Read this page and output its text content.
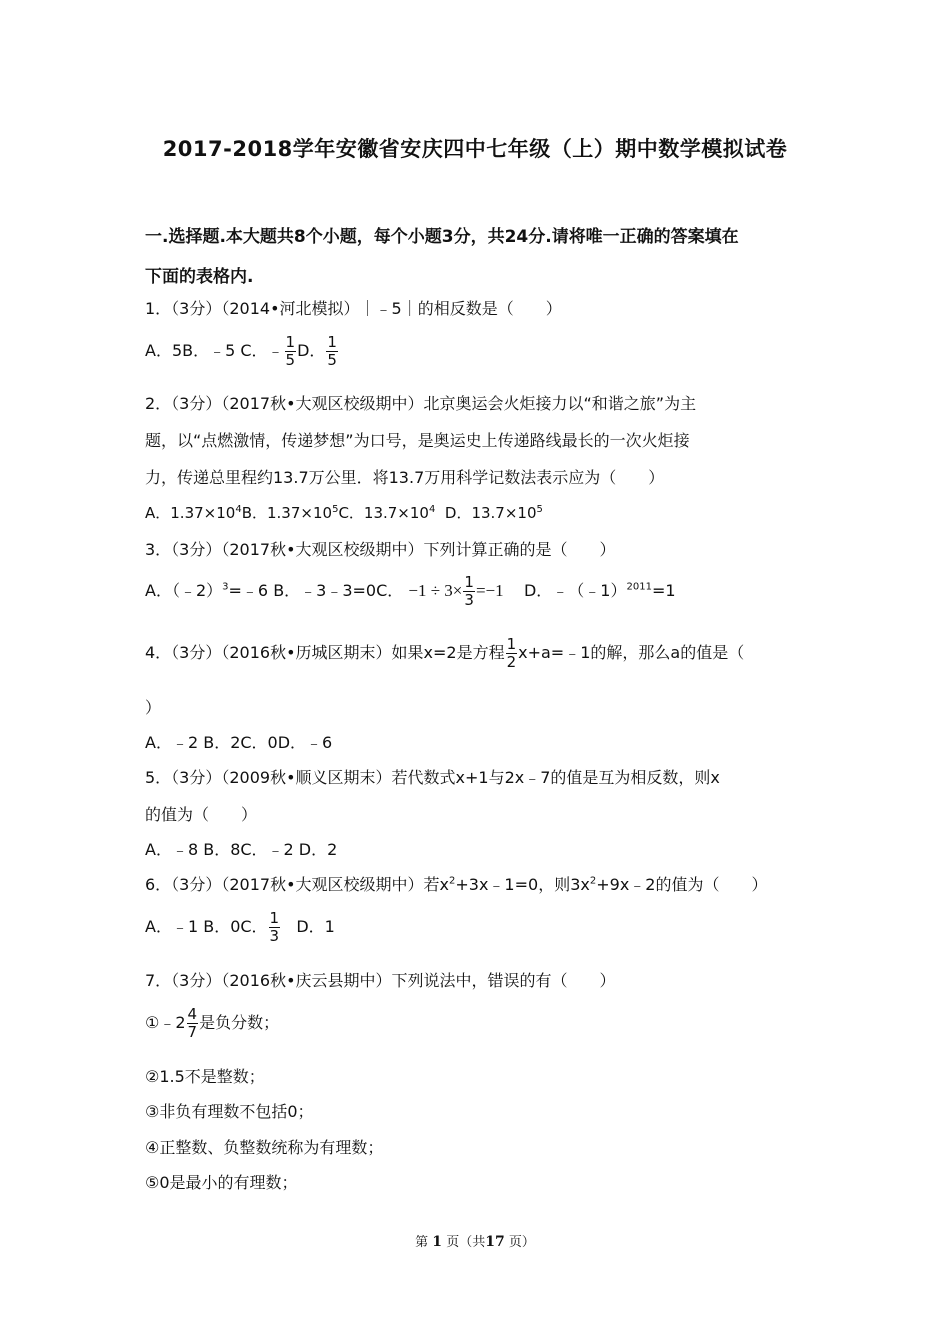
2017-2018学年安徽省安庆四中七年级（上）期中数学模拟试卷
一.选择题.本大题共8个小题，每个小题3分，共24分.请将唯一正确的答案填在
下面的表格内.
1．（3分）（2014•河北模拟）｜﹣5｜的相反数是（　　）
A．5B．﹣5 C．﹣ $\frac{1}{5}$ D． $\frac{1}{5}$
2．（3分）（2017秋•大观区校级期中）北京奥运会火炬接力以“和谐之旅”为主
题，以“点燃激情，传递梦想”为口号，是奥运史上传递路线最长的一次火炬接
力，传递总里程约13.7万公里．将13.7万用科学记数法表示应为（　　）
A．$1.37\times 10^4B$．$1.37\times 10^5C$．$13.7\times 10^4$ D．$13.7\times 10^5$
3．（3分）（2017秋•大观区校级期中）下列计算正确的是（　　）
A．（﹣2）$^3$=﹣6 B．﹣3﹣3=0C． $-1 \div 3\times \frac{1}{3} =-1$ D．﹣（﹣1）$^{2011}$=1
4．（3分）（2016秋•历城区期末）如果x=2是方程 $\frac{1}{2}$ x+a=﹣1的解，那么a的值是（
）
A．﹣2 B．2C．0D．﹣6
5．（3分）（2009秋•顺义区期末）若代数式x+1与2x﹣7的值是互为相反数，则x
的值为（　　）
A．﹣8 B．8C．﹣2 D．2
6．（3分）（2017秋•大观区校级期中）若$x^2+3x﹣1=0$，则$3x^2+9x﹣2$的值为（　　）
A．﹣1 B．0C． $\frac{1}{3}$ D．1
7．（3分）（2016秋•庆云县期中）下列说法中，错误的有（　　）
①﹣2 $\frac{4}{7}$ 是负分数；
②1.5不是整数；
③非负有理数不包括0；
④正整数、负整数统称为有理数；
⑤0是最小的有理数；
第 1 页（共17 页）
